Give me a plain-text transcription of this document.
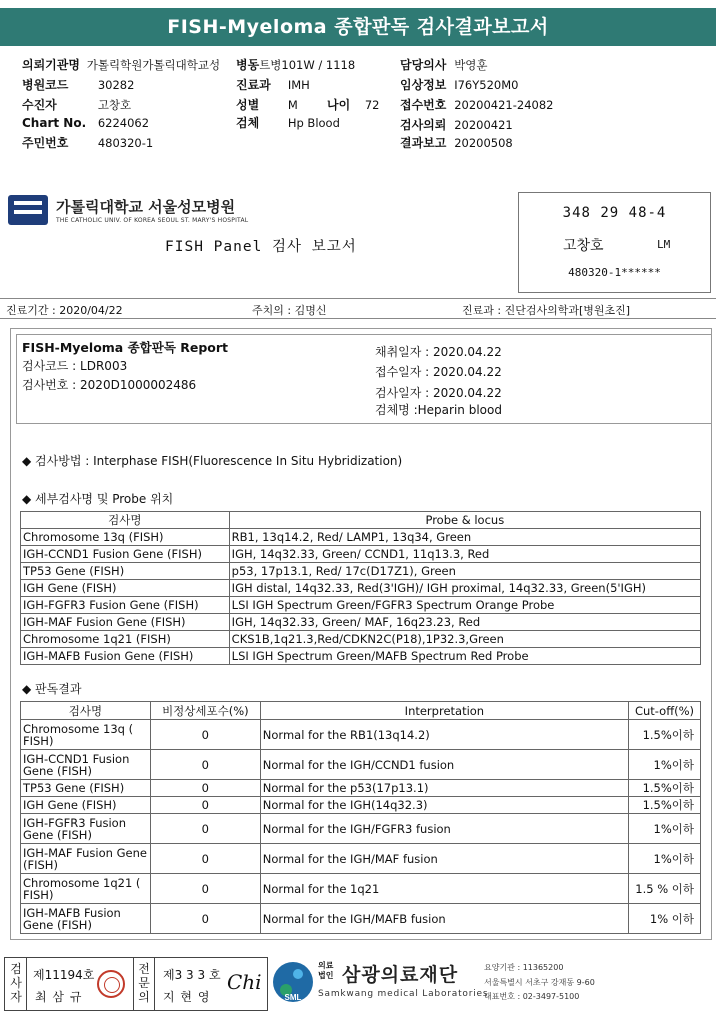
FISH-Myeloma 종합판독 검사결과보고서
의뢰기관명 가톨릭학원가톨릭대학교성 병동트병101W / 1118	담당의사 박영훈
병원코드	30282	진료과 IMH	임상정보 I76Y520M0
수진자	고창호	성별 M 나이 72 접수번호 20200421-24082
Chart No. 6224062	검체 Hp Blood	검사의뢰 20200421
주민번호	480320-1	결과보고 20200508
가톨릭대학교 서울성모병원
THE CATHOLIC UNIV. OF KOREA SEOUL ST. MARY'S HOSPITAL
FISH Panel 검사 보고서
348 29 48-4
고창호	LM
480320-1******
진료기간 : 2020/04/22	주치의 : 김명신	진료과 : 진단검사의학과[병원초진]
FISH-Myeloma 종합판독 Report
검사코드 : LDR003
검사번호 : 2020D1000002486
채취일자 : 2020.04.22
접수일자 : 2020.04.22
검사일자 : 2020.04.22
검체명 :Heparin blood
◆ 검사방법 : Interphase FISH(Fluorescence In Situ Hybridization)
◆ 세부검사명 및 Probe 위치
검사명	Probe & locus
Chromosome 13q (FISH)	RB1, 13q14.2, Red/ LAMP1, 13q34, Green
IGH-CCND1 Fusion Gene (FISH)	IGH, 14q32.33, Green/ CCND1, 11q13.3, Red
TP53 Gene (FISH)	p53, 17p13.1, Red/ 17c(D17Z1), Green
IGH Gene (FISH)	IGH distal, 14q32.33, Red(3'IGH)/ IGH proximal, 14q32.33, Green(5'IGH)
IGH-FGFR3 Fusion Gene (FISH)	LSI IGH Spectrum Green/FGFR3 Spectrum Orange Probe
IGH-MAF Fusion Gene (FISH)	IGH, 14q32.33, Green/ MAF, 16q23.23, Red
Chromosome 1q21 (FISH)	CKS1B,1q21.3,Red/CDKN2C(P18),1P32.3,Green
IGH-MAFB Fusion Gene (FISH)	LSI IGH Spectrum Green/MAFB Spectrum Red Probe
◆ 판독결과
검사명	비정상세포수(%)	Interpretation	Cut-off(%)
Chromosome 13q ( FISH)	0	Normal for the RB1(13q14.2)	1.5%이하
IGH-CCND1 Fusion Gene (FISH)	0	Normal for the IGH/CCND1 fusion	1%이하
TP53 Gene (FISH)	0	Normal for the p53(17p13.1)	1.5%이하
IGH Gene (FISH)	0	Normal for the IGH(14q32.3)	1.5%이하
IGH-FGFR3 Fusion Gene (FISH)	0	Normal for the IGH/FGFR3 fusion	1%이하
IGH-MAF Fusion Gene (FISH)	0	Normal for the IGH/MAF fusion	1%이하
Chromosome 1q21 ( FISH)	0	Normal for the 1q21	1.5 % 이하
IGH-MAFB Fusion Gene (FISH)	0	Normal for the IGH/MAFB fusion	1% 이하
검사자
제11194호
최 삼 규
전문의
제3 3 3 호
지 현 영
Chi
SML
의료
법인 삼광의료재단
Samkwang medical Laboratories
요양기관 : 11365200
서울특별시 서초구 강재동 9-60
대표번호 : 02-3497-5100
